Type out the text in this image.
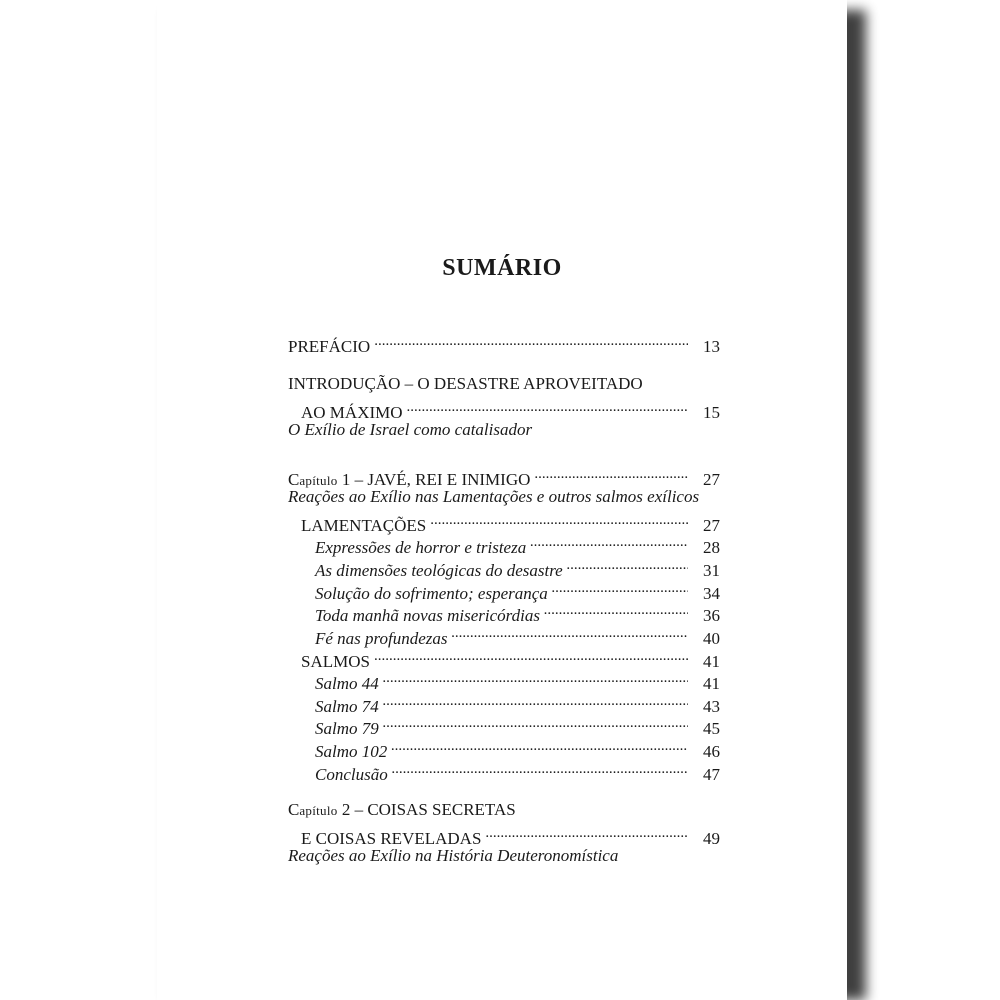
SUMÁRIO
PREFÁCIO .....	13
INTRODUÇÃO – O DESASTRE APROVEITADO
AO MÁXIMO .....	15
O Exílio de Israel como catalisador
Capítulo 1 – JAVÉ, REI E INIMIGO .....	27
Reações ao Exílio nas Lamentações e outros salmos exílicos
LAMENTAÇÕES .....	27
Expressões de horror e tristeza .....	28
As dimensões teológicas do desastre .....	31
Solução do sofrimento; esperança .....	34
Toda manhã novas misericórdias .....	36
Fé nas profundezas .....	40
SALMOS .....	41
Salmo 44 .....	41
Salmo 74 .....	43
Salmo 79 .....	45
Salmo 102 .....	46
Conclusão .....	47
Capítulo 2 – COISAS SECRETAS
E COISAS REVELADAS .....	49
Reações ao Exílio na História Deuteronomística
